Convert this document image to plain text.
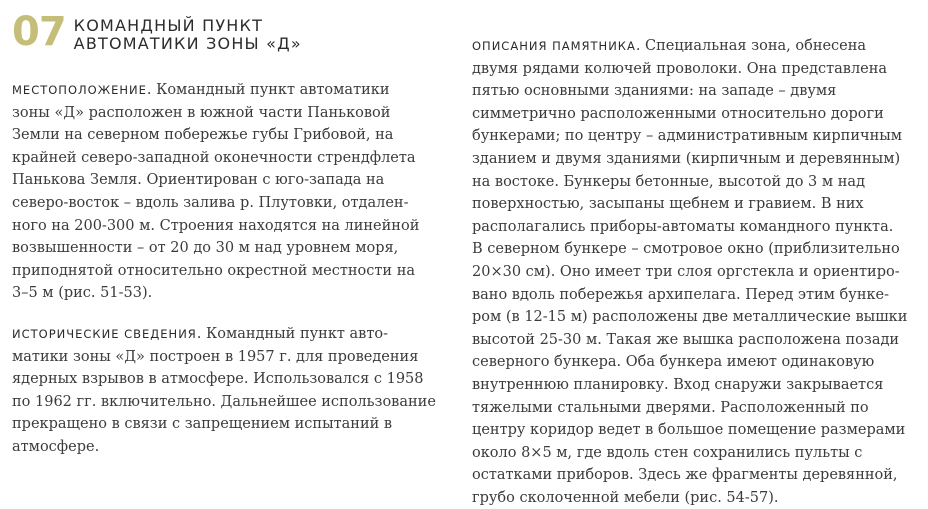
07 КОМАНДНЫЙ ПУНКТ
АВТОМАТИКИ ЗОНЫ «Д»
МЕСТОПОЛОЖЕНИЕ. Командный пункт автоматики
зоны «Д» расположен в южной части Паньковой
Земли на северном побережье губы Грибовой, на
крайней северо-западной оконечности стрендфлета
Панькова Земля. Ориентирован с юго-запада на
северо-восток – вдоль залива р. Плутовки, отдален-
ного на 200-300 м. Строения находятся на линейной
возвышенности – от 20 до 30 м над уровнем моря,
приподнятой относительно окрестной местности на
3–5 м (рис. 51-53).
ИСТОРИЧЕСКИЕ СВЕДЕНИЯ. Командный пункт авто-
матики зоны «Д» построен в 1957 г. для проведения
ядерных взрывов в атмосфере. Использовался с 1958
по 1962 гг. включительно. Дальнейшее использование
прекращено в связи с запрещением испытаний в
атмосфере.
ОПИСАНИЯ ПАМЯТНИКА. Специальная зона, обнесена
двумя рядами колючей проволоки. Она представлена
пятью основными зданиями: на западе – двумя
симметрично расположенными относительно дороги
бункерами; по центру – административным кирпичным
зданием и двумя зданиями (кирпичным и деревянным)
на востоке. Бункеры бетонные, высотой до 3 м над
поверхностью, засыпаны щебнем и гравием. В них
располагались приборы-автоматы командного пункта.
В северном бункере – смотровое окно (приблизительно
20×30 см). Оно имеет три слоя оргстекла и ориентиро-
вано вдоль побережья архипелага. Перед этим бунке-
ром (в 12-15 м) расположены две металлические вышки
высотой 25-30 м. Такая же вышка расположена позади
северного бункера. Оба бункера имеют одинаковую
внутреннюю планировку. Вход снаружи закрывается
тяжелыми стальными дверями. Расположенный по
центру коридор ведет в большое помещение размерами
около 8×5 м, где вдоль стен сохранились пульты с
остатками приборов. Здесь же фрагменты деревянной,
грубо сколоченной мебели (рис. 54-57).
